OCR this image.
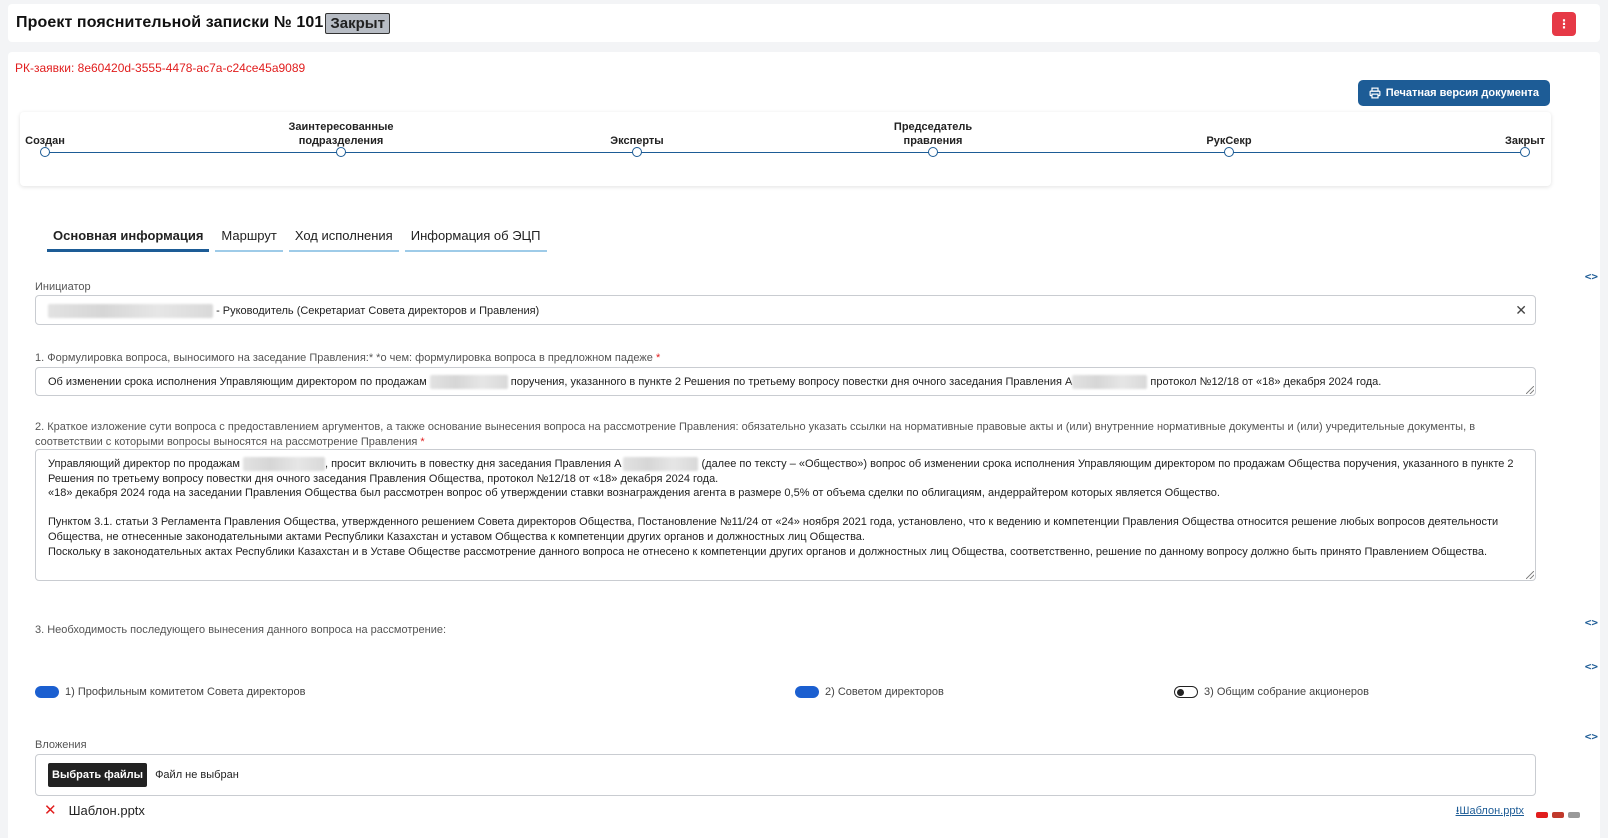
Проект пояснительной записки № 101 Закрыт	⋮
РК-заявки: 8e60420d-3555-4478-ac7a-c24ce45a9089
Печатная версия документа
Создан
Заинтересованные
подразделения	Эксперты
Председатель
правления	РукСекр	Закрыт
Основная информация	Маршрут	Ход исполнения	Информация об ЭЦП
<>
Инициатор
- Руководитель (Секретариат Совета директоров и Правления)	✕
1. Формулировка вопроса, выносимого на заседание Правления:* *о чем: формулировка вопроса в предложном падеже *
Об изменении срока исполнения Управляющим директором по продажам	поручения, указанного в пункте 2 Решения по третьему вопросу повестки дня очного заседания Правления А	протокол №12/18 от «18» декабря 2024 года.
2. Краткое изложение сути вопроса с предоставлением аргументов, а также основание вынесения вопроса на рассмотрение Правления: обязательно указать ссылки на нормативные правовые акты и (или) внутренние нормативные документы и (или) учредительные документы, в соответствии с которыми вопросы выносятся на рассмотрение Правления *
Управляющий директор по продажам	, просит включить в повестку дня заседания Правления А	(далее по тексту – «Общество») вопрос об изменении срока исполнения Управляющим директором по продажам Общества поручения, указанного в пункте 2 Решения по третьему вопросу повестки дня очного заседания Правления Общества, протокол №12/18 от «18» декабря 2024 года.
«18» декабря 2024 года на заседании Правления Общества был рассмотрен вопрос об утверждении ставки вознаграждения агента в размере 0,5% от объема сделки по облигациям, андеррайтером которых является Общество.
Пунктом 3.1. статьи 3 Регламента Правления Общества, утвержденного решением Совета директоров Общества, Постановление №11/24 от «24» ноября 2021 года, установлено, что к ведению и компетенции Правления Общества относится решение любых вопросов деятельности Общества, не отнесенные законодательными актами Республики Казахстан и уставом Общества к компетенции других органов и должностных лиц Общества.
Поскольку в законодательных актах Республики Казахстан и в Уставе Обществе рассмотрение данного вопроса не отнесено к компетенции других органов и должностных лиц Общества, соответственно, решение по данному вопросу должно быть принято Правлением Общества.
3. Необходимость последующего вынесения данного вопроса на рассмотрение:
<>
<>
1) Профильным комитетом Совета директоров	2) Советом директоров	3) Общим собрание акционеров
<>
Вложения
Выбрать файлы	Файл не выбран
✕ Шаблон.pptx	⭳Шаблон.pptx
